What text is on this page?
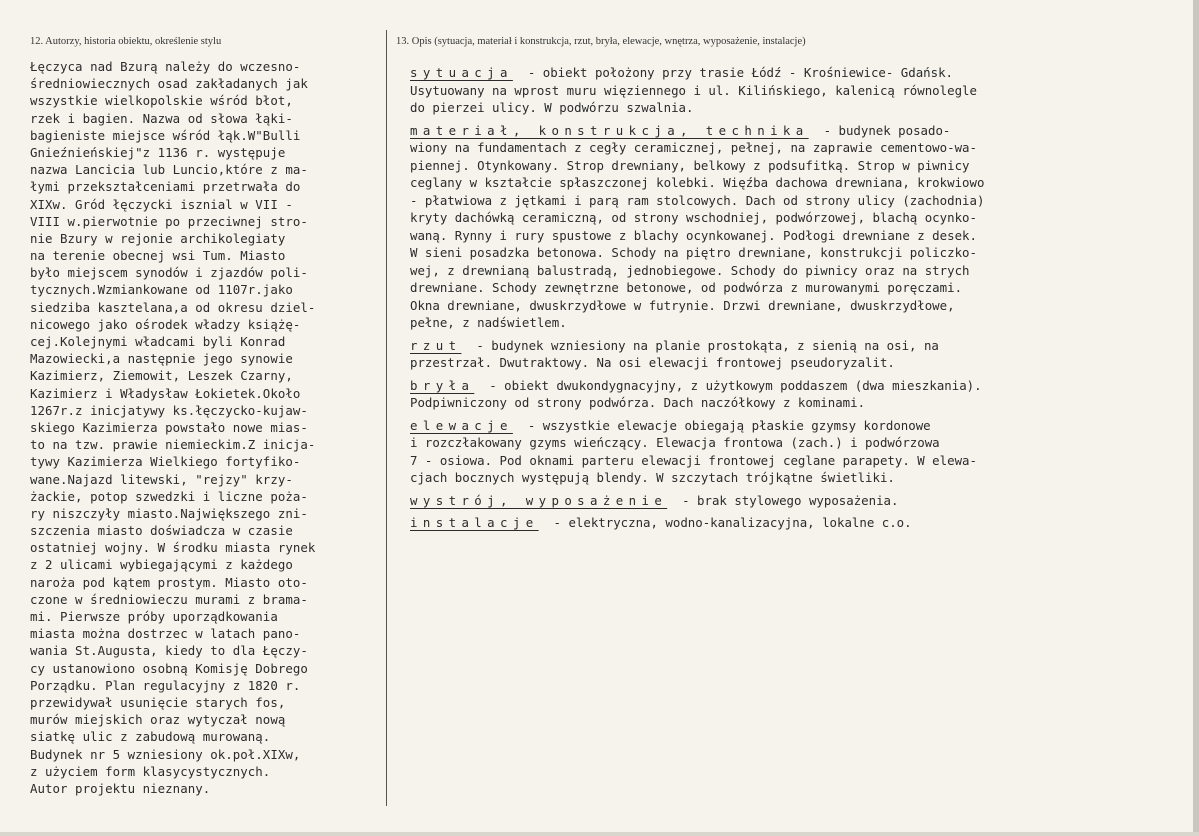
12. Autorzy, historia obiektu, określenie stylu	13. Opis (sytuacja, materiał i konstrukcja, rzut, bryła, elewacje, wnętrza, wyposażenie, instalacje)
Łęczyca nad Bzurą należy do wczesno-
średniowiecznych osad zakładanych jak
wszystkie wielkopolskie wśród błot,
rzek i bagien. Nazwa od słowa łąki-
bagieniste miejsce wśród łąk.W"Bulli
Gnieźnieńskiej"z 1136 r. występuje
nazwa Lancicia lub Luncio,które z ma-
łymi przekształceniami przetrwała do
XIXw. Gród łęczycki isznial w VII -
VIII w.pierwotnie po przeciwnej stro-
nie Bzury w rejonie archikolegiaty
na terenie obecnej wsi Tum. Miasto
było miejscem synodów i zjazdów poli-
tycznych.Wzmiankowane od 1107r.jako
siedziba kasztelana,a od okresu dziel-
nicowego jako ośrodek władzy książę-
cej.Kolejnymi władcami byli Konrad
Mazowiecki,a następnie jego synowie
Kazimierz, Ziemowit, Leszek Czarny,
Kazimierz i Władysław Łokietek.Około
1267r.z inicjatywy ks.łęczycko-kujaw-
skiego Kazimierza powstało nowe mias-
to na tzw. prawie niemieckim.Z inicja-
tywy Kazimierza Wielkiego fortyfiko-
wane.Najazd litewski, "rejzy" krzy-
żackie, potop szwedzki i liczne poża-
ry niszczyły miasto.Największego zni-
szczenia miasto doświadcza w czasie
ostatniej wojny. W środku miasta rynek
z 2 ulicami wybiegającymi z każdego
naroża pod kątem prostym. Miasto oto-
czone w średniowieczu murami z brama-
mi. Pierwsze próby uporządkowania
miasta można dostrzec w latach pano-
wania St.Augusta, kiedy to dla Łęczy-
cy ustanowiono osobną Komisję Dobrego
Porządku. Plan regulacyjny z 1820 r.
przewidywał usunięcie starych fos,
murów miejskich oraz wytyczał nową
siatkę ulic z zabudową murowaną.
Budynek nr 5 wzniesiony ok.poł.XIXw,
z użyciem form klasycystycznych.
Autor projektu nieznany.
sytuacja - obiekt położony przy trasie Łódź - Krośniewice- Gdańsk.
Usytuowany na wprost muru więziennego i ul. Kilińskiego, kalenicą równolegle
do pierzei ulicy. W podwórzu szwalnia.
materiał, konstrukcja, technika - budynek posado-
wiony na fundamentach z cegły ceramicznej, pełnej, na zaprawie cementowo-wa-
piennej. Otynkowany. Strop drewniany, belkowy z podsufitką. Strop w piwnicy
ceglany w kształcie spłaszczonej kolebki. Więźba dachowa drewniana, krokwiowo
- płatwiowa z jętkami i parą ram stolcowych. Dach od strony ulicy (zachodnia)
kryty dachówką ceramiczną, od strony wschodniej, podwórzowej, blachą ocynko-
waną. Rynny i rury spustowe z blachy ocynkowanej. Podłogi drewniane z desek.
W sieni posadzka betonowa. Schody na piętro drewniane, konstrukcji policzko-
wej, z drewnianą balustradą, jednobiegowe. Schody do piwnicy oraz na strych
drewniane. Schody zewnętrzne betonowe, od podwórza z murowanymi poręczami.
Okna drewniane, dwuskrzydłowe w futrynie. Drzwi drewniane, dwuskrzydłowe,
pełne, z nadświetlem.
rzut - budynek wzniesiony na planie prostokąta, z sienią na osi, na
przestrzał. Dwutraktowy. Na osi elewacji frontowej pseudoryzalit.
bryła - obiekt dwukondygnacyjny, z użytkowym poddaszem (dwa mieszkania).
Podpiwniczony od strony podwórza. Dach naczółkowy z kominami.
elewacje - wszystkie elewacje obiegają płaskie gzymsy kordonowe
i rozczłakowany gzyms wieńczący. Elewacja frontowa (zach.) i podwórzowa
7 - osiowa. Pod oknami parteru elewacji frontowej ceglane parapety. W elewa-
cjach bocznych występują blendy. W szczytach trójkątne świetliki.
wystrój, wyposażenie - brak stylowego wyposażenia.
instalacje - elektryczna, wodno-kanalizacyjna, lokalne c.o.
